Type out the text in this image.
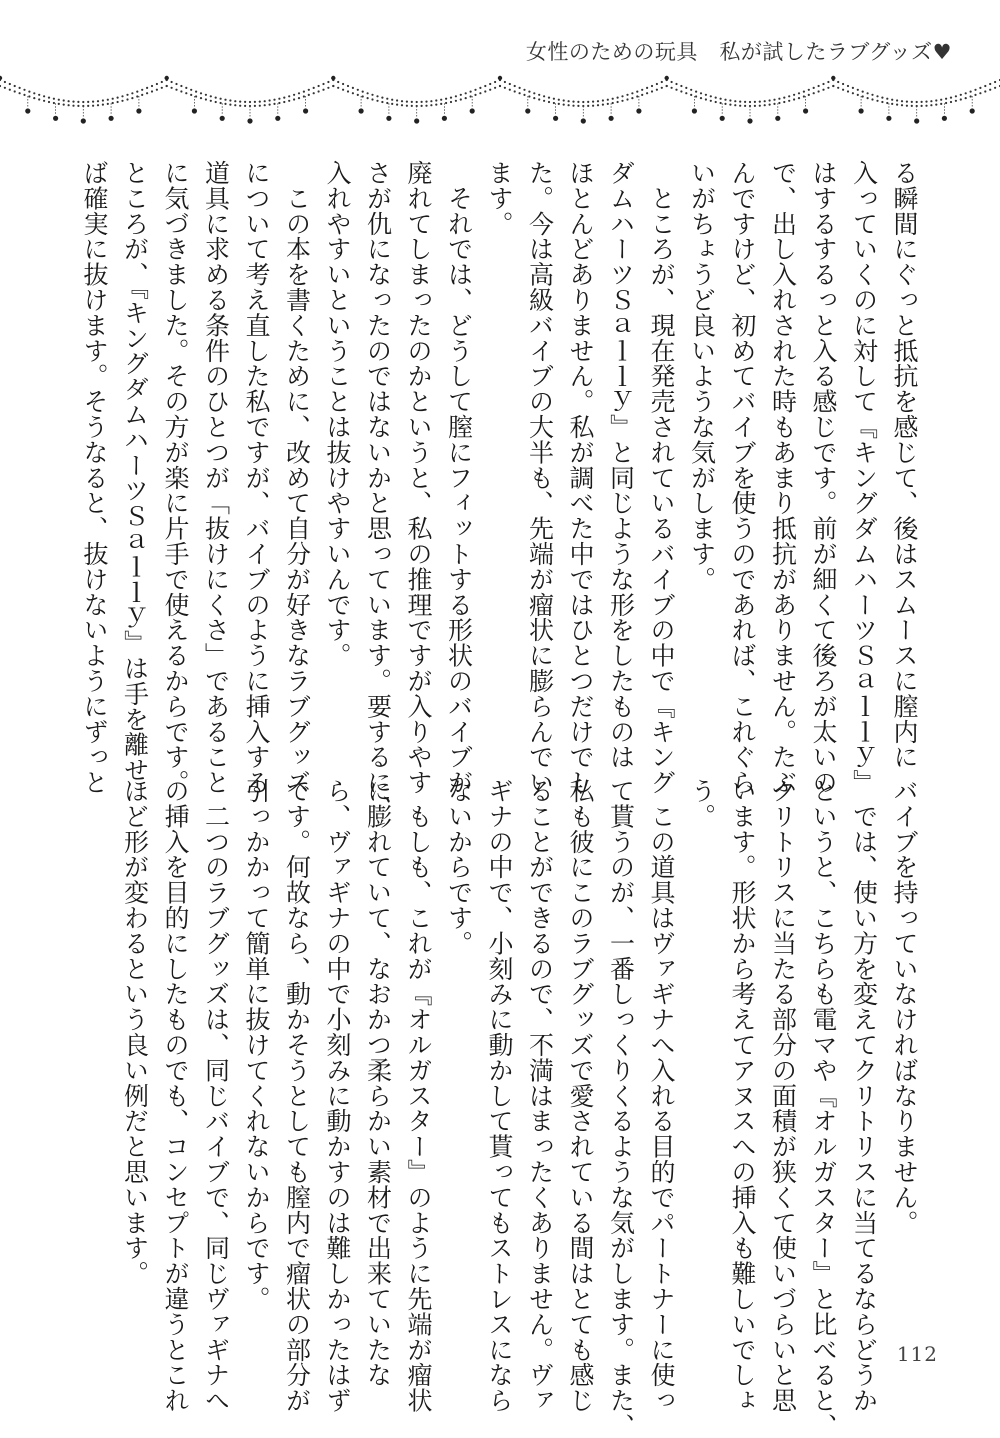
女性のための玩具　私が試したラブグッズ♥
る瞬間にぐっと抵抗を感じて、後はスムースに膣内に
入っていくのに対して『キングダムハーツＳａｌｌｙ』
はするするっと入る感じです。前が細くて後ろが太いの
で、出し入れされた時もあまり抵抗がありません。たぶ
んですけど、初めてバイブを使うのであれば、これぐら
いがちょうど良いような気がします。
　ところが、現在発売されているバイブの中で『キング
ダムハーツＳａｌｌｙ』と同じような形をしたものは
ほとんどありません。私が調べた中ではひとつだけでし
た。今は高級バイブの大半も、先端が瘤状に膨らんでい
ます。
　それでは、どうして膣にフィットする形状のバイブが
廃れてしまったのかというと、私の推理ですが入りやす
さが仇になったのではないかと思っています。要するに、
入れやすいということは抜けやすいんです。
　この本を書くために、改めて自分が好きなラブグッズ
について考え直した私ですが、バイブのように挿入する
道具に求める条件のひとつが「抜けにくさ」であること
に気づきました。その方が楽に片手で使えるからです。
ところが、『キングダムハーツＳａｌｌｙ』は手を離せ
ば確実に抜けます。そうなると、抜けないようにずっと
バイブを持っていなければなりません。
　では、使い方を変えてクリトリスに当てるならどうか
というと、こちらも電マや『オルガスター』と比べると、
クリトリスに当たる部分の面積が狭くて使いづらいと思
います。形状から考えてアヌスへの挿入も難しいでしょ
う。
　この道具はヴァギナへ入れる目的でパートナーに使っ
て貰うのが、一番しっくりくるような気がします。また、
私も彼にこのラブグッズで愛されている間はとても感じ
ることができるので、不満はまったくありません。ヴァ
ギナの中で、小刻みに動かして貰ってもストレスになら
ないからです。
　もしも、これが『オルガスター』のように先端が瘤状
に膨れていて、なおかつ柔らかい素材で出来ていたな
ら、ヴァギナの中で小刻みに動かすのは難しかったはず
です。何故なら、動かそうとしても膣内で瘤状の部分が
引っかかって簡単に抜けてくれないからです。
　二つのラブグッズは、同じバイブで、同じヴァギナへ
の挿入を目的にしたものでも、コンセプトが違うとこれ
ほど形が変わるという良い例だと思います。
112
